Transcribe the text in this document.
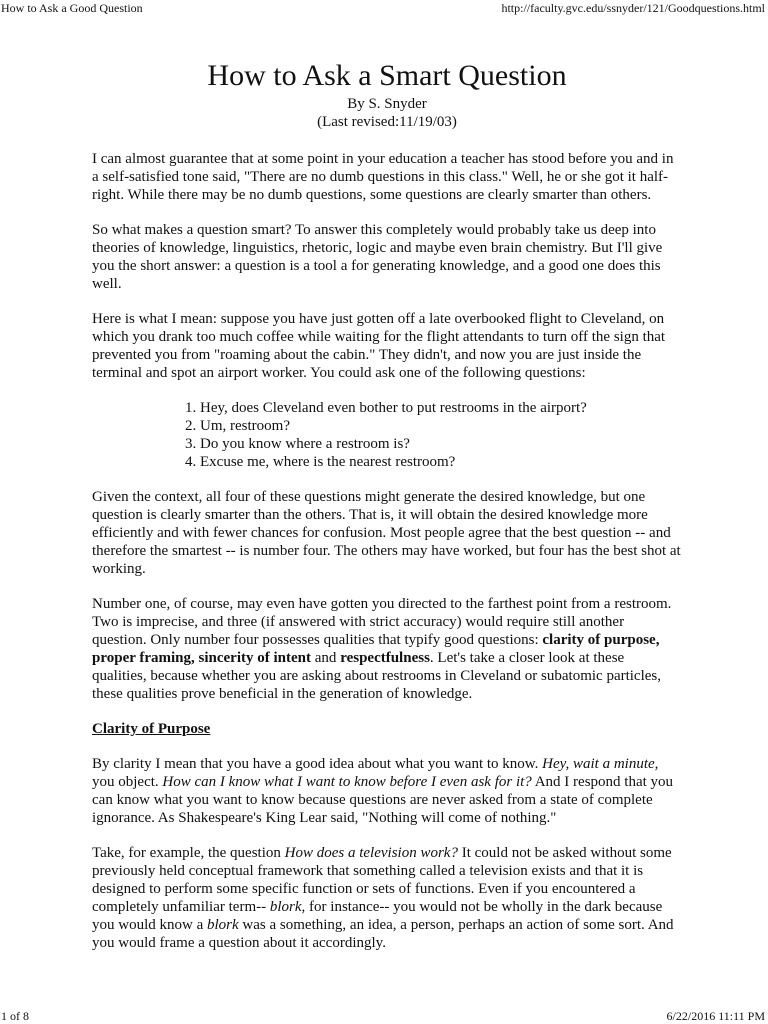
How to Ask a Good Question	http://faculty.gvc.edu/ssnyder/121/Goodquestions.html
How to Ask a Smart Question
By S. Snyder
(Last revised:11/19/03)

I can almost guarantee that at some point in your education a teacher has stood before you and in a self-satisfied tone said, "There are no dumb questions in this class." Well, he or she got it half-right. While there may be no dumb questions, some questions are clearly smarter than others.

So what makes a question smart? To answer this completely would probably take us deep into theories of knowledge, linguistics, rhetoric, logic and maybe even brain chemistry. But I'll give you the short answer: a question is a tool a for generating knowledge, and a good one does this well.

Here is what I mean: suppose you have just gotten off a late overbooked flight to Cleveland, on which you drank too much coffee while waiting for the flight attendants to turn off the sign that prevented you from "roaming about the cabin." They didn't, and now you are just inside the terminal and spot an airport worker. You could ask one of the following questions:

1. Hey, does Cleveland even bother to put restrooms in the airport?
2. Um, restroom?
3. Do you know where a restroom is?
4. Excuse me, where is the nearest restroom?

Given the context, all four of these questions might generate the desired knowledge, but one question is clearly smarter than the others. That is, it will obtain the desired knowledge more efficiently and with fewer chances for confusion. Most people agree that the best question -- and therefore the smartest -- is number four. The others may have worked, but four has the best shot at working.

Number one, of course, may even have gotten you directed to the farthest point from a restroom. Two is imprecise, and three (if answered with strict accuracy) would require still another question. Only number four possesses qualities that typify good questions: clarity of purpose, proper framing, sincerity of intent and respectfulness. Let's take a closer look at these qualities, because whether you are asking about restrooms in Cleveland or subatomic particles, these qualities prove beneficial in the generation of knowledge.

Clarity of Purpose

By clarity I mean that you have a good idea about what you want to know. Hey, wait a minute, you object. How can I know what I want to know before I even ask for it? And I respond that you can know what you want to know because questions are never asked from a state of complete ignorance. As Shakespeare's King Lear said, "Nothing will come of nothing."

Take, for example, the question How does a television work? It could not be asked without some previously held conceptual framework that something called a television exists and that it is designed to perform some specific function or sets of functions. Even if you encountered a completely unfamiliar term-- blork, for instance-- you would not be wholly in the dark because you would know a blork was a something, an idea, a person, perhaps an action of some sort. And you would frame a question about it accordingly.

1 of 8	6/22/2016 11:11 PM
